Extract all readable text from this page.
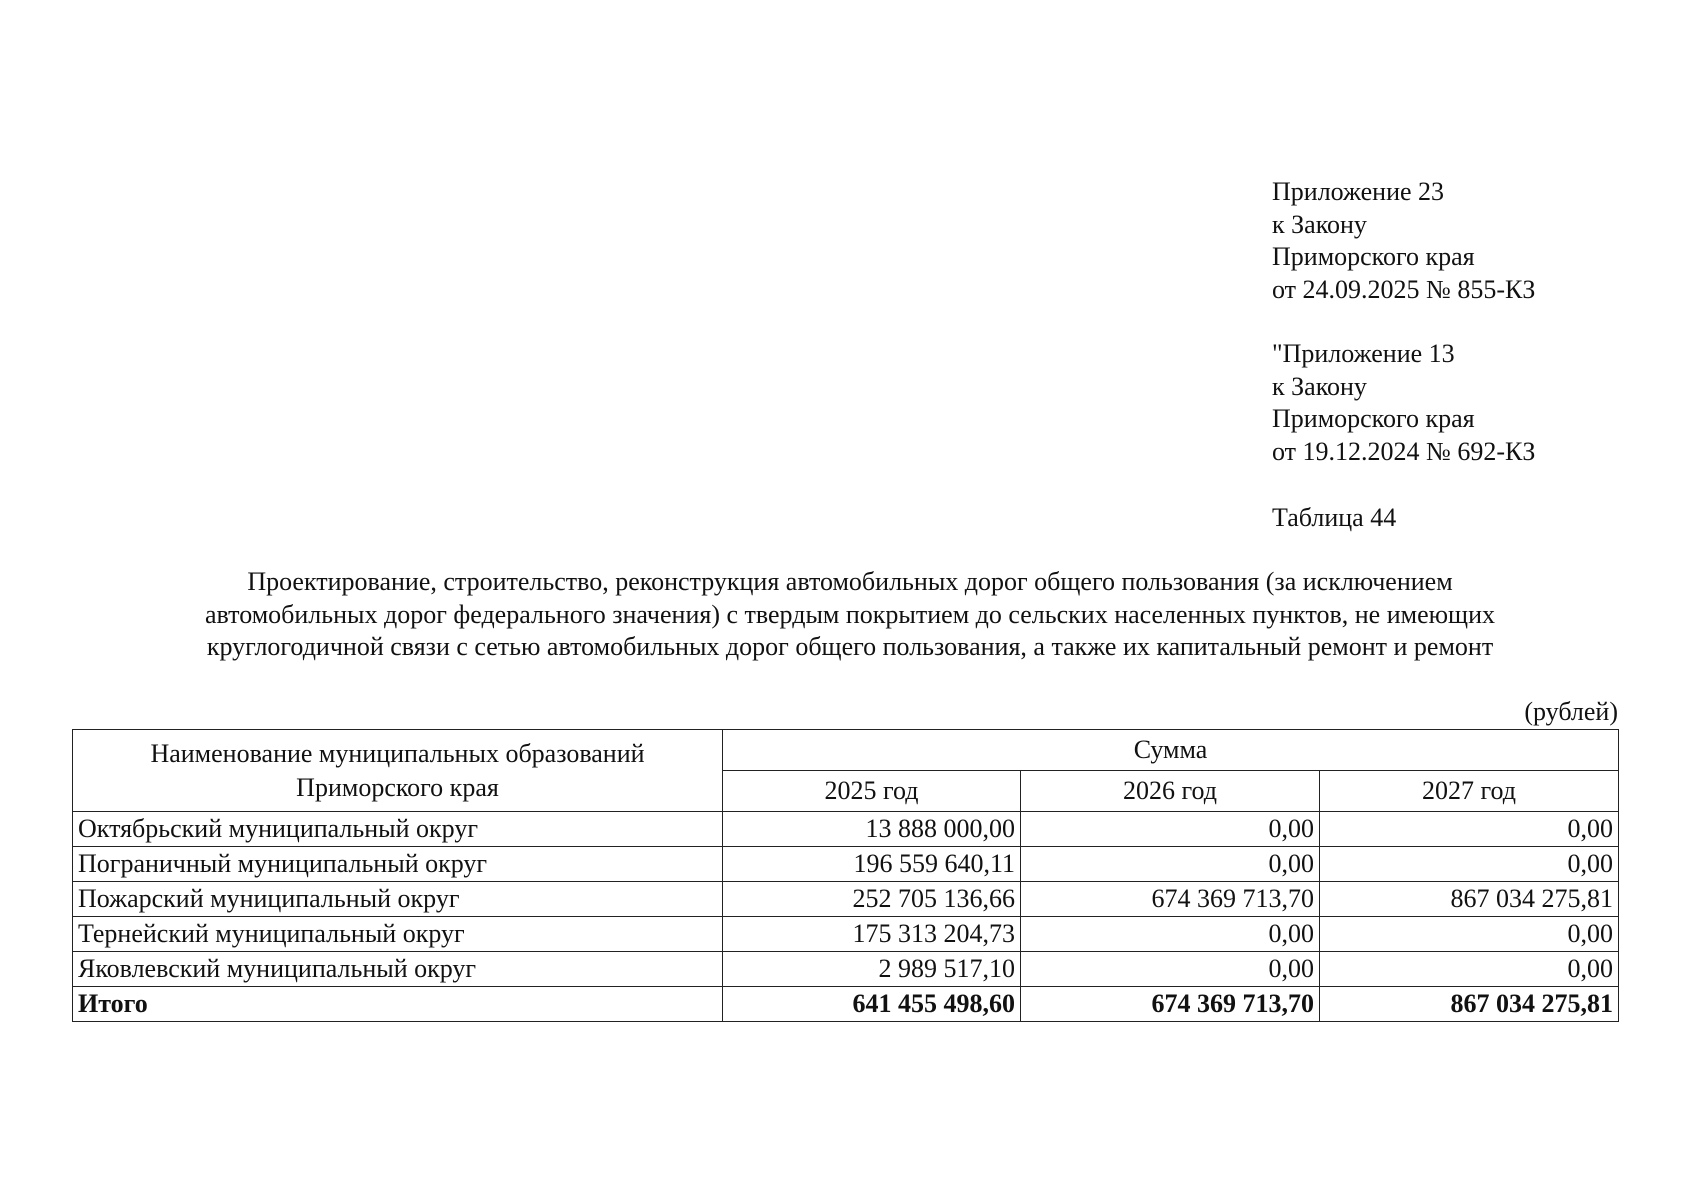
Приложение 23
к Закону
Приморского края
от 24.09.2025 № 855-КЗ
"Приложение 13
к Закону
Приморского края
от 19.12.2024 № 692-КЗ
Таблица 44
Проектирование, строительство, реконструкция автомобильных дорог общего пользования (за исключением
автомобильных дорог федерального значения) с твердым покрытием до сельских населенных пунктов, не имеющих
круглогодичной связи с сетью автомобильных дорог общего пользования, а также их капитальный ремонт и ремонт
(рублей)
Наименование муниципальных образований
Приморского края	Сумма		
	2025 год	2026 год	2027 год
Октябрьский муниципальный округ	13 888 000,00	0,00	0,00
Пограничный муниципальный округ	196 559 640,11	0,00	0,00
Пожарский муниципальный округ	252 705 136,66	674 369 713,70	867 034 275,81
Тернейский муниципальный округ	175 313 204,73	0,00	0,00
Яковлевский муниципальный округ	2 989 517,10	0,00	0,00
Итого	641 455 498,60	674 369 713,70	867 034 275,81
